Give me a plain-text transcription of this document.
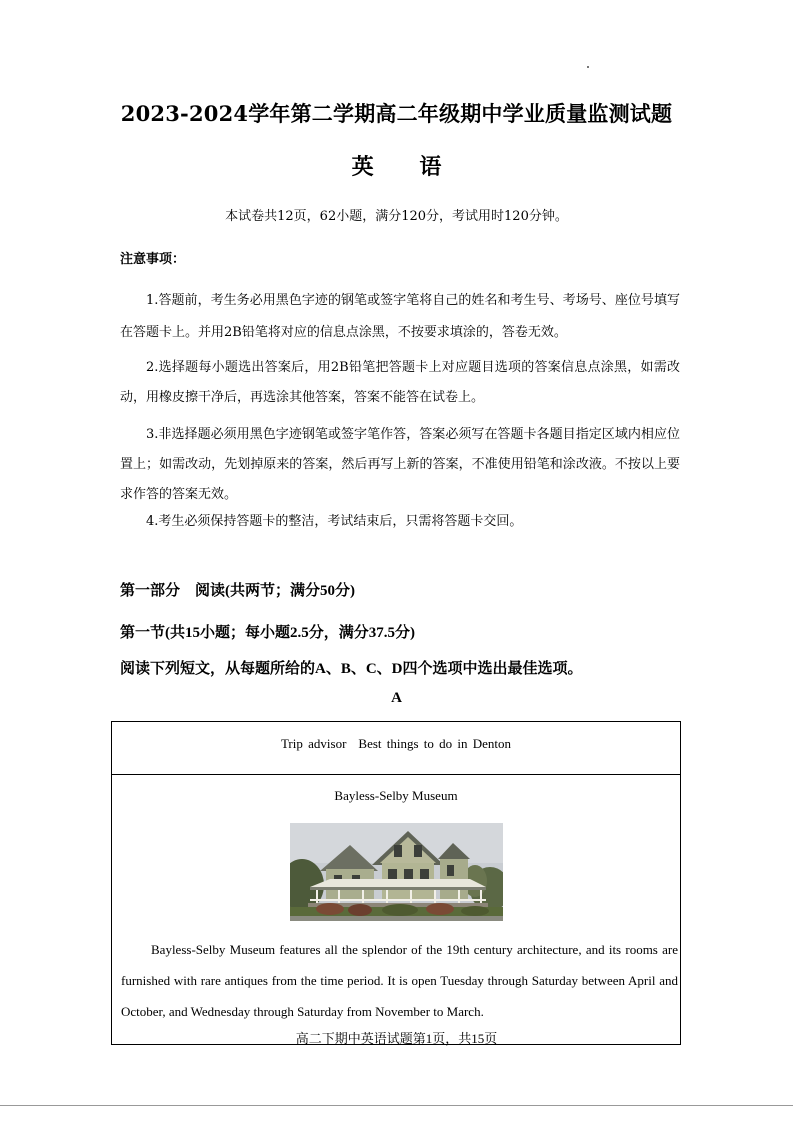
2023-2024学年第二学期高二年级期中学业质量监测试题
英 语
本试卷共12页，62小题，满分120分，考试用时120分钟。
注意事项：
1.答题前，考生务必用黑色字迹的钢笔或签字笔将自己的姓名和考生号、考场号、座位号填写在答题卡上。并用2B铅笔将对应的信息点涂黑，不按要求填涂的，答卷无效。
2.选择题每小题选出答案后，用2B铅笔把答题卡上对应题目选项的答案信息点涂黑，如需改动，用橡皮擦干净后，再选涂其他答案，答案不能答在试卷上。
3.非选择题必须用黑色字迹钢笔或签字笔作答，答案必须写在答题卡各题目指定区域内相应位置上；如需改动，先划掉原来的答案，然后再写上新的答案，不准使用铅笔和涂改液。不按以上要求作答的答案无效。
4.考生必须保持答题卡的整洁，考试结束后，只需将答题卡交回。
第一部分　阅读(共两节；满分50分)
第一节(共15小题；每小题2.5分，满分37.5分)
阅读下列短文，从每题所给的A、B、C、D四个选项中选出最佳选项。
A
Trip advisor Best things to do in Denton
Bayless-Selby Museum
Bayless-Selby Museum features all the splendor of the 19th century architecture, and its rooms are furnished with rare antiques from the time period. It is open Tuesday through Saturday between April and October, and Wednesday through Saturday from November to March.
高二下期中英语试题第1页，共15页
